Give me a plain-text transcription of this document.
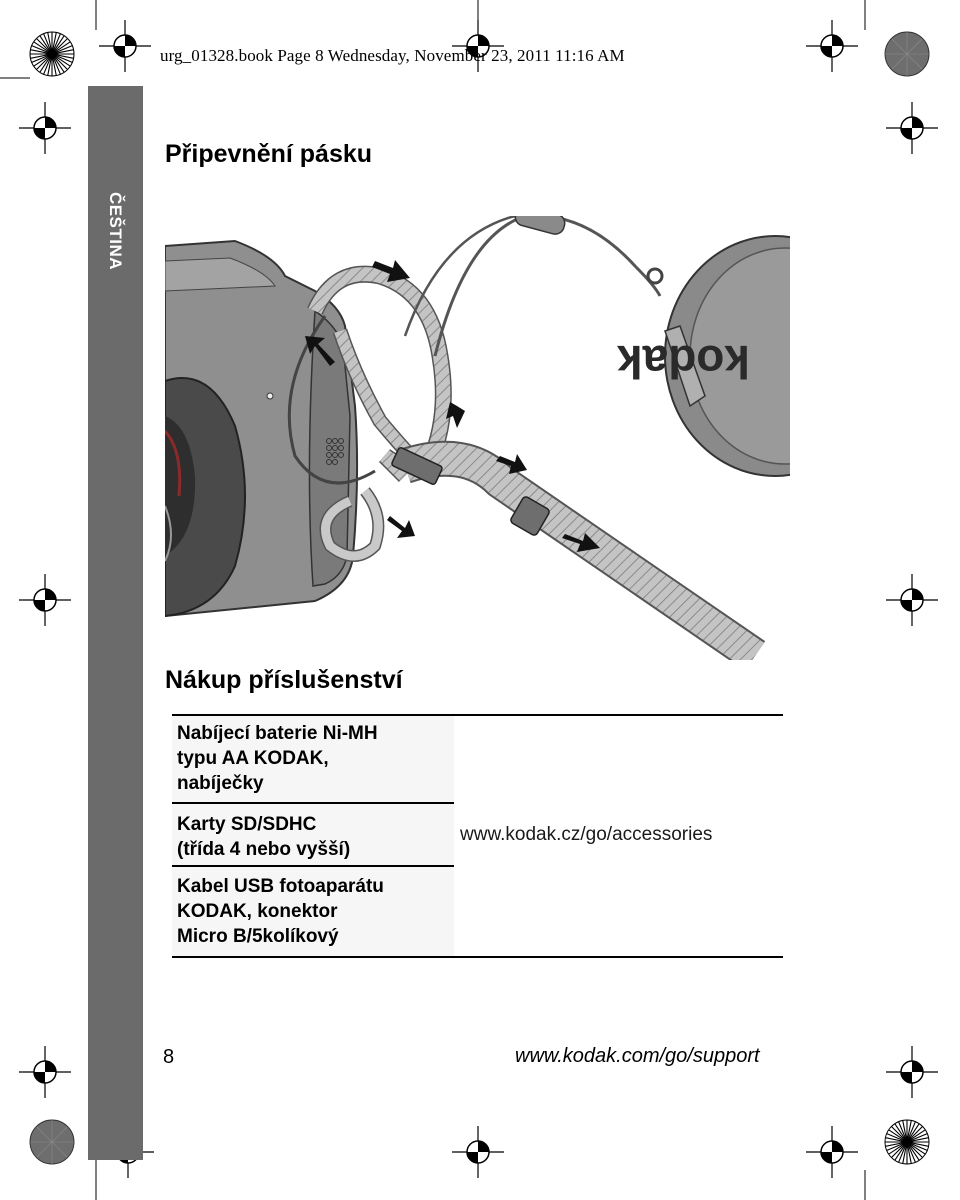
urg_01328.book Page 8 Wednesday, November 23, 2011 11:16 AM
ČEŠTINA
Připevnění pásku
kodak
Nákup příslušenství
Nabíjecí baterie Ni-MH
typu AA KODAK,
nabíječky
Karty SD/SDHC
(třída 4 nebo vyšší)
Kabel USB fotoaparátu
KODAK, konektor
Micro B/5kolíkový
www.kodak.cz/go/accessories
8	www.kodak.com/go/support
